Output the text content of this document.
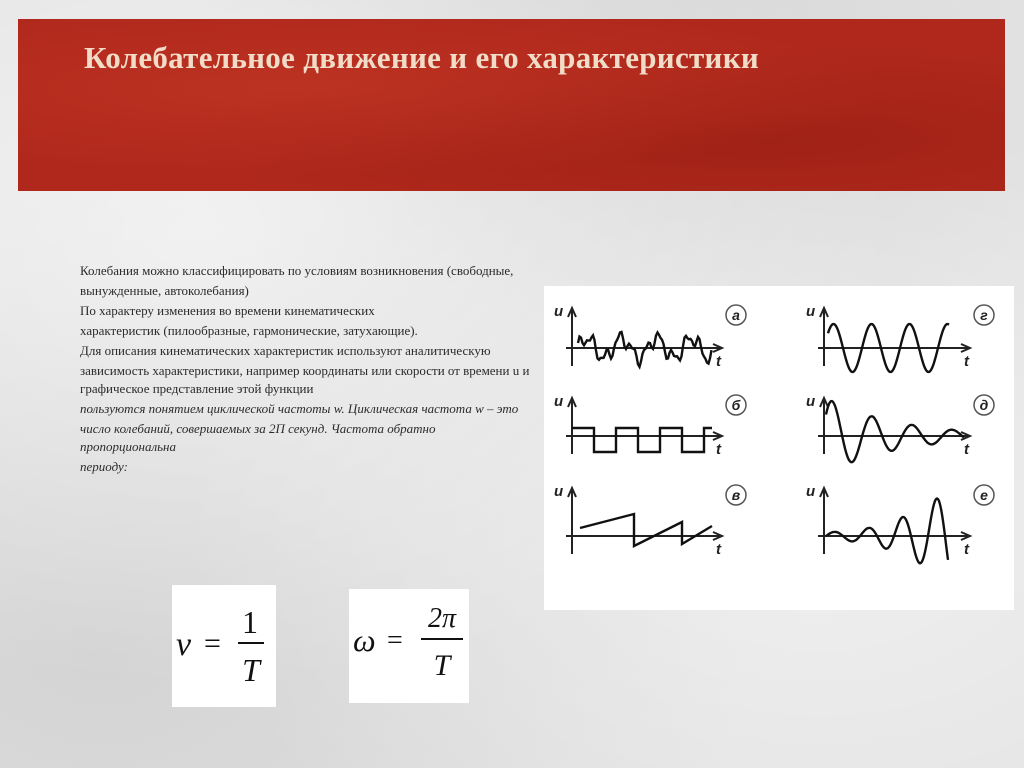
Колебательное движение и его характеристики

Колебания можно классифицировать по условиям возникновения (свободные,

вынужденные, автоколебания)

По характеру изменения во времени кинематических

характеристик (пилообразные, гармонические, затухающие).

Для описания кинематических характеристик используют аналитическую

зависимость характеристики, например координаты или скорости от времени u и графическое представление этой функции

пользуются понятием циклической частоты w. Циклическая частота w – это

число колебаний, совершаемых за 2П секунд. Частота обратно пропорциональна

периоду:

u
t
а	u
t
г
u
t
б	u
t
д
u
t
в	u
t
е
ν =
1
T
ω =
2π
T
